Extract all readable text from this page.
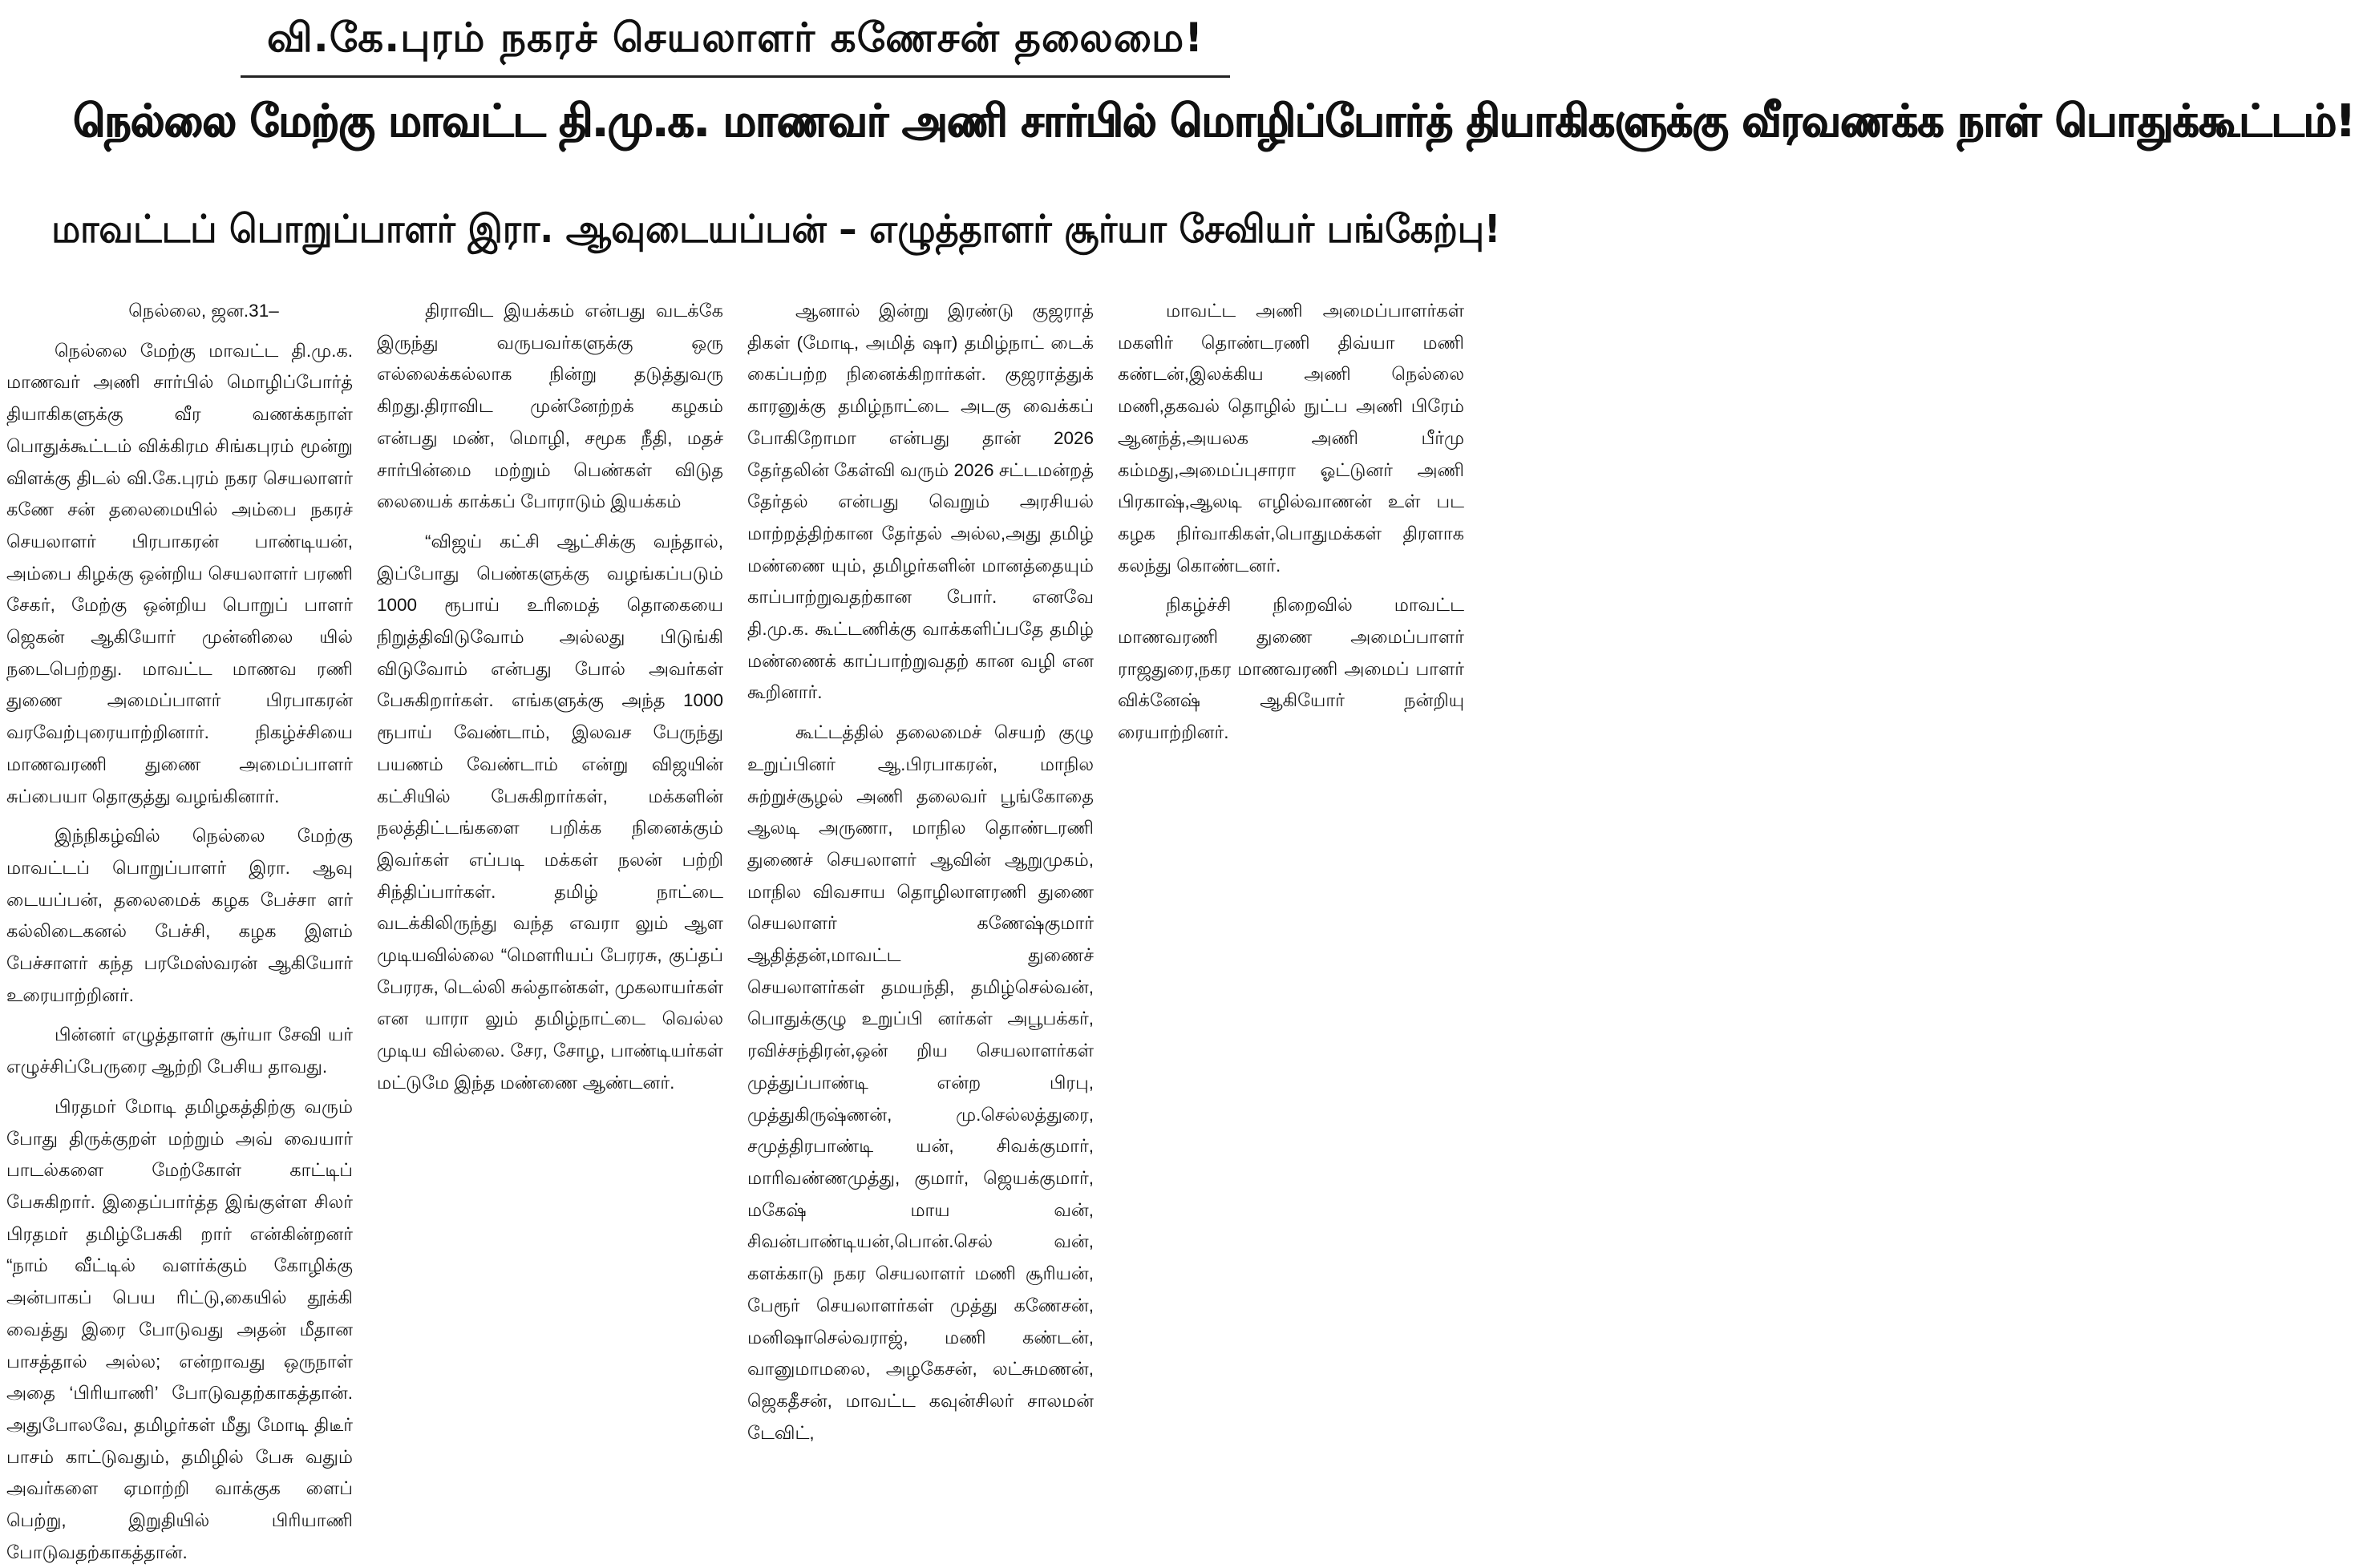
வி.கே.புரம் நகரச் செயலாளர் கணேசன் தலைமை!
நெல்லை மேற்கு மாவட்ட தி.மு.க. மாணவர் அணி சார்பில் மொழிப்போர்த் தியாகிகளுக்கு வீரவணக்க நாள் பொதுக்கூட்டம்!
மாவட்டப் பொறுப்பாளர் இரா. ஆவுடையப்பன் – எழுத்தாளர் சூர்யா சேவியர் பங்கேற்பு!

நெல்லை, ஜன.31–

நெல்லை மேற்கு மாவட்ட தி.மு.க. மாணவர் அணி சார்பில் மொழிப்போர்த் தியாகிகளுக்கு வீர வணக்கநாள் பொதுக்கூட்டம் விக்கிரம சிங்கபுரம் மூன்று விளக்கு திடல் வி.கே.புரம் நகர செயலாளர் கணே சன் தலைமையில் அம்பை நகரச் செயலாளர் பிரபாகரன் பாண்டியன், அம்பை கிழக்கு ஒன்றிய செயலாளர் பரணி சேகர், மேற்கு ஒன்றிய பொறுப் பாளர் ஜெகன் ஆகியோர் முன்னிலை யில் நடைபெற்றது. மாவட்ட மாணவ ரணி துணை அமைப்பாளர் பிரபாகரன் வரவேற்புரையாற்றினார். நிகழ்ச்சியை மாணவரணி துணை அமைப்பாளர் சுப்பையா தொகுத்து வழங்கினார்.

இந்நிகழ்வில் நெல்லை மேற்கு மாவட்டப் பொறுப்பாளர் இரா. ஆவு டையப்பன், தலைமைக் கழக பேச்சா ளர் கல்லிடைகனல் பேச்சி, கழக இளம் பேச்சாளர் கந்த பரமேஸ்வரன் ஆகியோர் உரையாற்றினர்.

பின்னர் எழுத்தாளர் சூர்யா சேவி யர் எழுச்சிப்பேருரை ஆற்றி பேசிய தாவது.

பிரதமர் மோடி தமிழகத்திற்கு வரும் போது திருக்குறள் மற்றும் அவ் வையார் பாடல்களை மேற்கோள் காட்டிப் பேசுகிறார். இதைப்பார்த்த இங்குள்ள சிலர் பிரதமர் தமிழ்பேசுகி றார் என்கின்றனர் “நாம் வீட்டில் வளர்க்கும் கோழிக்கு அன்பாகப் பெய ரிட்டு,கையில் தூக்கி வைத்து இரை போடுவது அதன் மீதான பாசத்தால் அல்ல; என்றாவது ஒருநாள் அதை ‘பிரியாணி’ போடுவதற்காகத்தான். அதுபோலவே, தமிழர்கள் மீது மோடி திடீர் பாசம் காட்டுவதும், தமிழில் பேசு வதும் அவர்களை ஏமாற்றி வாக்குக ளைப் பெற்று, இறுதியில் பிரியாணி போடுவதற்காகத்தான்.

திராவிட இயக்கம் என்பது வடக்கே இருந்து வருபவர்களுக்கு ஒரு எல்லைக்கல்லாக நின்று தடுத்துவரு கிறது.திராவிட முன்னேற்றக் கழகம் என்பது மண், மொழி, சமூக நீதி, மதச் சார்பின்மை மற்றும் பெண்கள் விடுத லையைக் காக்கப் போராடும் இயக்கம்

“விஜய் கட்சி ஆட்சிக்கு வந்தால், இப்போது பெண்களுக்கு வழங்கப்படும் 1000 ரூபாய் உரிமைத் தொகையை நிறுத்திவிடுவோம் அல்லது பிடுங்கி விடுவோம் என்பது போல் அவர்கள் பேசுகிறார்கள். எங்களுக்கு அந்த 1000 ரூபாய் வேண்டாம், இலவச பேருந்து பயணம் வேண்டாம் என்று விஜயின் கட்சியில் பேசுகிறார்கள், மக்களின் நலத்திட்டங்களை பறிக்க நினைக்கும் இவர்கள் எப்படி மக்கள் நலன் பற்றி சிந்திப்பார்கள். தமிழ் நாட்டை வடக்கிலிருந்து வந்த எவரா லும் ஆள முடியவில்லை “மௌரியப் பேரரசு, குப்தப் பேரரசு, டெல்லி சுல்தான்கள், முகலாயர்கள் என யாரா லும் தமிழ்நாட்டை வெல்ல முடிய வில்லை. சேர, சோழ, பாண்டியர்கள் மட்டுமே இந்த மண்ணை ஆண்டனர்.

ஆனால் இன்று இரண்டு குஜராத் திகள் (மோடி, அமித் ஷா) தமிழ்நாட் டைக் கைப்பற்ற நினைக்கிறார்கள். குஜராத்துக் காரனுக்கு தமிழ்நாட்டை அடகு வைக்கப் போகிறோமா என்பது தான் 2026 தேர்தலின் கேள்வி வரும் 2026 சட்டமன்றத் தேர்தல் என்பது வெறும் அரசியல் மாற்றத்திற்கான தேர்தல் அல்ல,அது தமிழ் மண்ணை யும், தமிழர்களின் மானத்தையும் காப்பாற்றுவதற்கான போர். எனவே தி.மு.க. கூட்டணிக்கு வாக்களிப்பதே தமிழ் மண்ணைக் காப்பாற்றுவதற் கான வழி என கூறினார்.

கூட்டத்தில் தலைமைச் செயற் குழு உறுப்பினர் ஆ.பிரபாகரன், மாநில சுற்றுச்சூழல் அணி தலைவர் பூங்கோதை ஆலடி அருணா, மாநில தொண்டரணி துணைச் செயலாளர் ஆவின் ஆறுமுகம், மாநில விவசாய தொழிலாளரணி துணை செயலாளர் கணேஷ்குமார் ஆதித்தன்,மாவட்ட துணைச் செயலாளர்கள் தமயந்தி, தமிழ்செல்வன், பொதுக்குழு உறுப்பி னர்கள் அபூபக்கர், ரவிச்சந்திரன்,ஒன் றிய செயலாளர்கள் முத்துப்பாண்டி என்ற பிரபு, முத்துகிருஷ்ணன், மு.செல்லத்துரை, சமுத்திரபாண்டி யன், சிவக்குமார், மாரிவண்ணமுத்து, குமார், ஜெயக்குமார், மகேஷ் மாய வன், சிவன்பாண்டியன்,பொன்.செல் வன், களக்காடு நகர செயலாளர் மணி சூரியன், பேரூர் செயலாளர்கள் முத்து கணேசன், மனிஷாசெல்வராஜ், மணி கண்டன், வானுமாமலை, அழகேசன், லட்சுமணன், ஜெகதீசன், மாவட்ட கவுன்சிலர் சாலமன் டேவிட்,

மாவட்ட அணி அமைப்பாளர்கள் மகளிர் தொண்டரணி திவ்யா மணி கண்டன்,இலக்கிய அணி நெல்லை மணி,தகவல் தொழில் நுட்ப அணி பிரேம் ஆனந்த்,அயலக அணி பீர்மு கம்மது,அமைப்புசாரா ஓட்டுனர் அணி பிரகாஷ்,ஆலடி எழில்வாணன் உள் பட கழக நிர்வாகிகள்,பொதுமக்கள் திரளாக கலந்து கொண்டனர்.

நிகழ்ச்சி நிறைவில் மாவட்ட மாணவரணி துணை அமைப்பாளர் ராஜதுரை,நகர மாணவரணி அமைப் பாளர் விக்னேஷ் ஆகியோர் நன்றியு ரையாற்றினர்.
